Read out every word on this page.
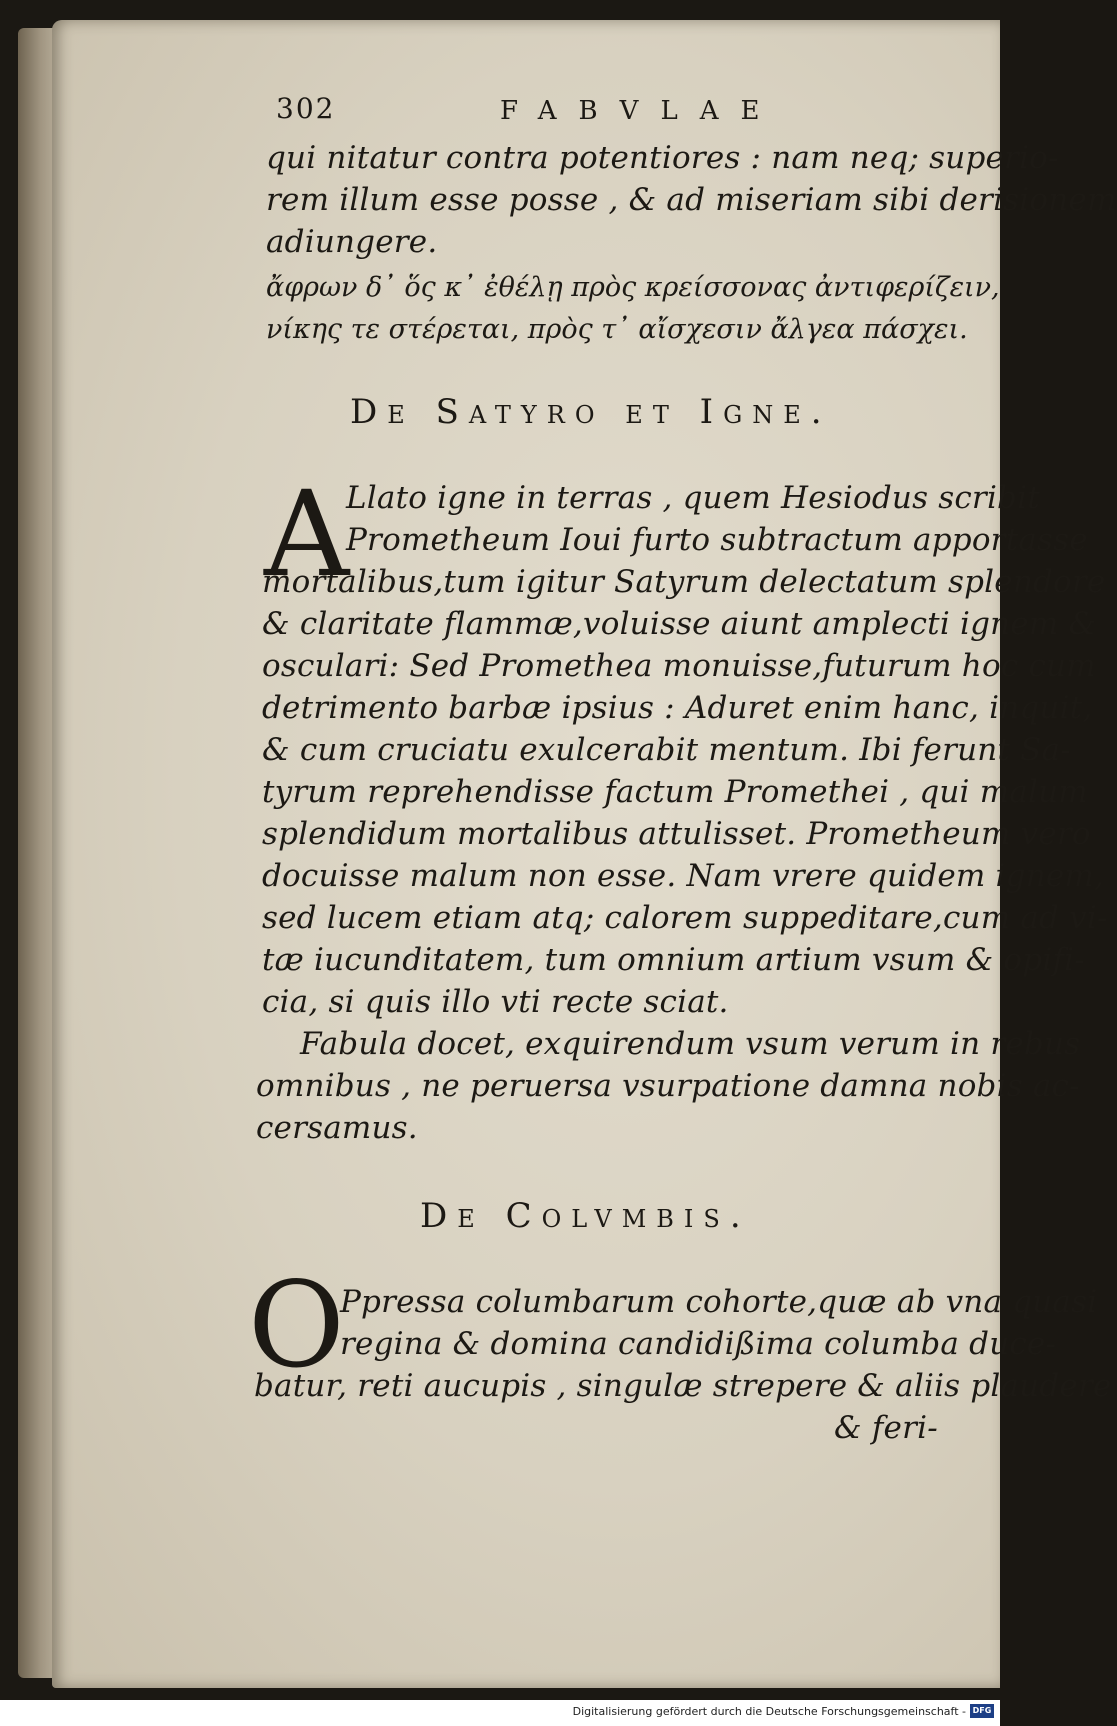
302	FABVLAE
qui nitatur contra potentiores : nam neq; superio-
rem illum esse posse , & ad miseriam sibi derisionem
adiungere.
ἄφρων δ᾽ ὅς κ᾽ ἐθέλῃ πρὸς κρείσσονας ἀντιφερίζειν,
νίκης τε στέρεται, πρὸς τ᾽ αἴσχεσιν ἄλγεα πάσχει.
De Satyro et Igne.
A
Llato igne in terras , quem Hesiodus scribit
Prometheum Ioui furto subtractum apportasse
mortalibus,tum igitur Satyrum delectatum splendore
& claritate flammæ,voluisse aiunt amplecti ignem &
osculari: Sed Promethea monuisse,futurum hoc cum
detrimento barbæ ipsius : Aduret enim hanc, inquit,
& cum cruciatu exulcerabit mentum. Ibi ferunt Sa-
tyrum reprehendisse factum Promethei , qui malum
splendidum mortalibus attulisset. Prometheum vero
docuisse malum non esse. Nam vrere quidem ignem,
sed lucem etiam atq; calorem suppeditare,cum ad vi-
tæ iucunditatem, tum omnium artium vsum & opifi-
cia, si quis illo vti recte sciat.
Fabula docet, exquirendum vsum verum in rebus
omnibus , ne peruersa vsurpatione damna nobis ac-
cersamus.
De Colvmbis.
O
Ppressa columbarum cohorte,quæ ab vna quasi
regina & domina candidißima columba duce-
batur, reti aucupis , singulæ strepere & aliis plaudere
& feri-
Digitalisierung gefördert durch die Deutsche Forschungsgemeinschaft - DFG
